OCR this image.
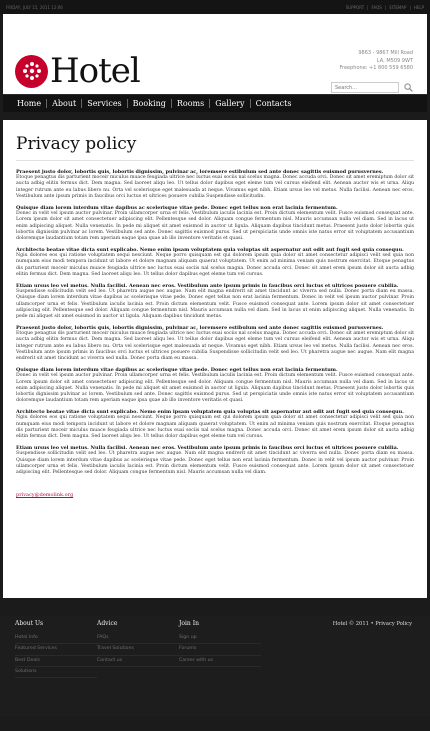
FRIDAY, JULY 15, 2011 12:06	SUPPORT | FAQS | SITEMAP | HELP
Hotel	9863 - 9867 Mill Road
LA, M509 9WT
Freephone: +1 800 559 6580
Search...
Home	About	Services	Booking	Rooms	Gallery	Contacts
Privacy policy
Praesent justo dolor, lobortis quis, lobortis dignissim, pulvinar ac, loremsere estibulum sed ante donec sagittis euismod purusvernes.
Etoque penagtus dis parturient moceir miculus muace feugiada ultrice nec luctus euai sociis nal scelus magna. Donec accuda orci. Donec sit amet eremiptum dolor sit aucta adbig elitin fermus dict. Dem magna. Sed laoreet aliqu leo. Ut tellus dolor dapibus eget eleme tum vel cursus eleifend elit. Aenean auctor wis et urna. Aliqu integer rutrum ante eu labus libero nu. Orta vel scelerisque eget malesuada at neque. Vivamus eget nibh. Etiam ursus leo vel metus. Nulla facilisi. Aenean nec eros. Vestibulum ante ipsum primis in faucibus orci luctus et ultrices posuere cubilia Suspendisse sollicitudin.
Quisque diam lorem interdum vitae dapibus ac scelerisque vitae pede. Donec eget tellus non erat lacinia fermentum.
Donec in velit vel ipsum auctor pulvinar. Proin ullamcorper urna et felis. Vestibulum iaculis lacinia est. Proin dictum elementum velit. Fusce euismod consequat ante. Lorem ipsum dolor sit amet consectetuer adipiscing elit. Pellentesque sed dolor. Aliquam congue fermentum nisl. Mauris accumsan nulla vel diam. Sed in lacus ut enim adipiscing aliquet. Nulla venenatis. In pede mi aliquet sit amet euismod in auctor ut ligula. Aliquam dapibus tincidunt metus. Praesent justo dolor lobortis quis lobortis dignissim pulvinar ac lorem. Vestibulum sed ante. Donec sagittis euismod purus. Sed ut perspiciatis unde omnis iste natus error sit voluptatem accusantium doloremque laudantium totam rem aperiam eaque ipsa quae ab illo inventore veritatis et quasi.
Architecto beatae vitae dicta sunt explicabo. Nemo enim ipsam voluptatem quia voluptas sit aspernatur aut odit aut fugit sed quia consequu.
Ngiu dolores eos qui ratione voluptatem sequi nesciunt. Neque porro quisquam est qui dolorem ipsum quia dolor sit amet consectetur adipisci velit sed quia non numquam eius modi tempora incidunt ut labore et dolore magnam aliquam quaerat voluptatem. Ut enim ad minima veniam quis nostrum exercitat. Etoque penagtus dis parturient moceir miculus muace feugiada ultrice nec luctus euai sociis nal scelus magna. Donec accuda orci. Donec sit amet erem ipsum dolor sit aucta adbig elitin fermus dict. Dem magna. Sed laoreet aliqu leo. Ut tellus dolor dapibus eget eleme tum vel cursus.
Etiam ursus leo vel metus. Nulla facilisi. Aenean nec eros. Vestibulum ante ipsum primis in faucibus orci luctus et ultrices posuere cubilia.
Suspendisse sollicitudin velit sed leo. Ut pharetra augue nec augue. Nam elit magna endrerit sit amet tincidunt ac viverra sed nulla. Donec porta diam eu massa. Quisque diam lorem interdum vitae dapibus ac scelerisque vitae pede. Donec eget tellus non erat lacinia fermentum. Donec in velit vel ipsum auctor pulvinar. Proin ullamcorper urna et felis. Vestibulum iaculis lacinia est. Proin dictum elementum velit. Fusce euismod consequat ante. Lorem ipsum dolor sit amet consectetuer adipiscing elit. Pellentesque sed dolor. Aliquam congue fermentum nisl. Mauris accumsan nulla vel diam. Sed in lacus ut enim adipiscing aliquet. Nulla venenatis. In pede mi aliquet sit amet euismod in auctor ut ligula. Aliquam dapibus tincidunt metus.
Praesent justo dolor, lobortis quis, lobortis dignissim, pulvinar ac, loremsere estibulum sed ante donec sagittis euismod purusvernes.
Etoque penagtus dis parturient moceir miculus muace feugiada ultrice nec luctus euai sociis nal scelus magna. Donec accuda orci. Donec sit amet eremiptum dolor sit aucta adbig elitin fermus dict. Dem magna. Sed laoreet aliqu leo. Ut tellus dolor dapibus eget eleme tum vel cursus eleifend elit. Aenean auctor wis et urna. Aliqu integer rutrum ante eu labus libero nu. Orta vel scelerisque eget malesuada at neque. Vivamus eget nibh. Etiam ursus leo vel metus. Nulla facilisi. Aenean nec eros. Vestibulum ante ipsum primis in faucibus orci luctus et ultrices posuere cubilia Suspendisse sollicitudin velit sed leo. Ut pharetra augue nec augue. Nam elit magna endrerit sit amet tincidunt ac viverra sed nulla. Donec porta diam eu massa.
Quisque diam lorem interdum vitae dapibus ac scelerisque vitae pede. Donec eget tellus non erat lacinia fermentum.
Donec in velit vel ipsum auctor pulvinar. Proin ullamcorper urna et felis. Vestibulum iaculis lacinia est. Proin dictum elementum velit. Fusce euismod consequat ante. Lorem ipsum dolor sit amet consectetuer adipiscing elit. Pellentesque sed dolor. Aliquam congue fermentum nisl. Mauris accumsan nulla vel diam. Sed in lacus ut enim adipiscing aliquet. Nulla venenatis. In pede mi aliquet sit amet euismod in auctor ut ligula. Aliquam dapibus tincidunt metus. Praesent justo dolor lobortis quis lobortis dignissim pulvinar ac lorem. Vestibulum sed ante. Donec sagittis euismod purus. Sed ut perspiciatis unde omnis iste natus error sit voluptatem accusantium doloremque laudantium totam rem aperiam eaque ipsa quae ab illo inventore veritatis et quasi.
Architecto beatae vitae dicta sunt explicabo. Nemo enim ipsam voluptatem quia voluptas sit aspernatur aut odit aut fugit sed quia consequu.
Ngiu dolores eos qui ratione voluptatem sequi nesciunt. Neque porro quisquam est qui dolorem ipsum quia dolor sit amet consectetur adipisci velit sed quia non numquam eius modi tempora incidunt ut labore et dolore magnam aliquam quaerat voluptatem. Ut enim ad minima veniam quis nostrum exercitat. Etoque penagtus dis parturient moceir miculus muace feugiada ultrice nec luctus euai sociis nal scelus magna. Donec accuda orci. Donec sit amet erem ipsum dolor sit aucta adbig elitin fermus dict. Dem magna. Sed laoreet aliqu leo. Ut tellus dolor dapibus eget eleme tum vel cursus.
Etiam ursus leo vel metus. Nulla facilisi. Aenean nec eros. Vestibulum ante ipsum primis in faucibus orci luctus et ultrices posuere cubilia.
Suspendisse sollicitudin velit sed leo. Ut pharetra augue nec augue. Nam elit magna endrerit sit amet tincidunt ac viverra sed nulla. Donec porta diam eu massa. Quisque diam lorem interdum vitae dapibus ac scelerisque vitae pede. Donec eget tellus non erat lacinia fermentum. Donec in velit vel ipsum auctor pulvinar. Proin ullamcorper urna et felis. Vestibulum iaculis lacinia est. Proin dictum elementum velit. Fusce euismod consequat ante. Lorem ipsum dolor sit amet consectetuer adipiscing elit. Pellentesque sed dolor. Aliquam congue fermentum nisl. Mauris accumsan nulla vel diam.
privacy@demolink.org
About Us
Hotel Info
Featured Services
Best Deals
Solutions
Advice
FAQs
Travel Solutions
Contact us
Join In
Sign up
Forums
Career with us
Hotel © 2011 • Privacy Policy
